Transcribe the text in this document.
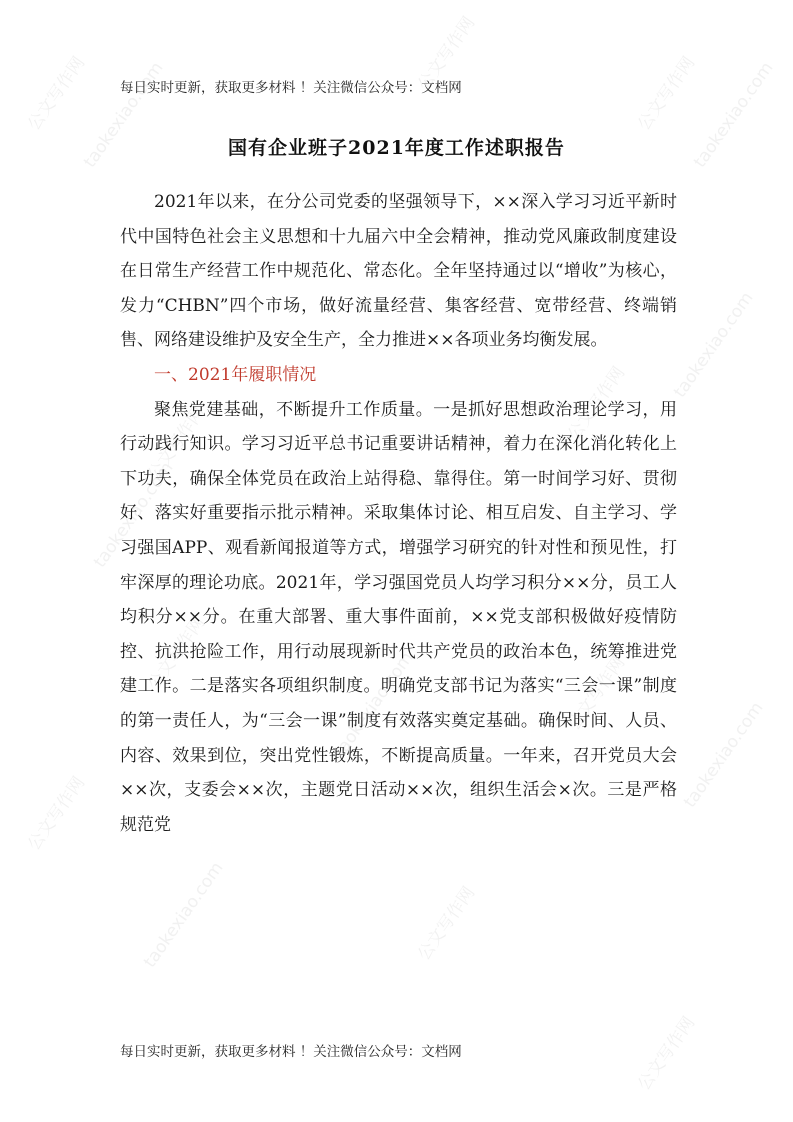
公文写作网	公文写作网	公文写作网
taokexiao.com	taokexiao.com
公文写作网	公文写作网
taokexiao.com
taokexiao.com
公文写作网	taokexiao.com	公文写作网
taokexiao.com
公文写作网
taokexiao.com	公文写作网
公文写作网
每日实时更新，获取更多材料 ！关注微信公众号：文档网
国有企业班子2021年度工作述职报告

2021年以来，在分公司党委的坚强领导下，××深入学习习近平新时代中国特色社会主义思想和十九届六中全会精神，推动党风廉政制度建设在日常生产经营工作中规范化、常态化。全年坚持通过以“增收”为核心，发力“CHBN”四个市场，做好流量经营、集客经营、宽带经营、终端销售、网络建设维护及安全生产，全力推进××各项业务均衡发展。

一、2021年履职情况

聚焦党建基础，不断提升工作质量。一是抓好思想政治理论学习，用行动践行知识。学习习近平总书记重要讲话精神，着力在深化消化转化上下功夫，确保全体党员在政治上站得稳、靠得住。第一时间学习好、贯彻好、落实好重要指示批示精神。采取集体讨论、相互启发、自主学习、学习强国APP、观看新闻报道等方式，增强学习研究的针对性和预见性，打牢深厚的理论功底。2021年，学习强国党员人均学习积分××分，员工人均积分××分。在重大部署、重大事件面前，××党支部积极做好疫情防控、抗洪抢险工作，用行动展现新时代共产党员的政治本色，统筹推进党建工作。二是落实各项组织制度。明确党支部书记为落实“三会一课”制度的第一责任人，为“三会一课”制度有效落实奠定基础。确保时间、人员、内容、效果到位，突出党性锻炼，不断提高质量。一年来，召开党员大会××次，支委会××次，主题党日活动××次，组织生活会×次。三是严格规范党

每日实时更新，获取更多材料 ！关注微信公众号：文档网
